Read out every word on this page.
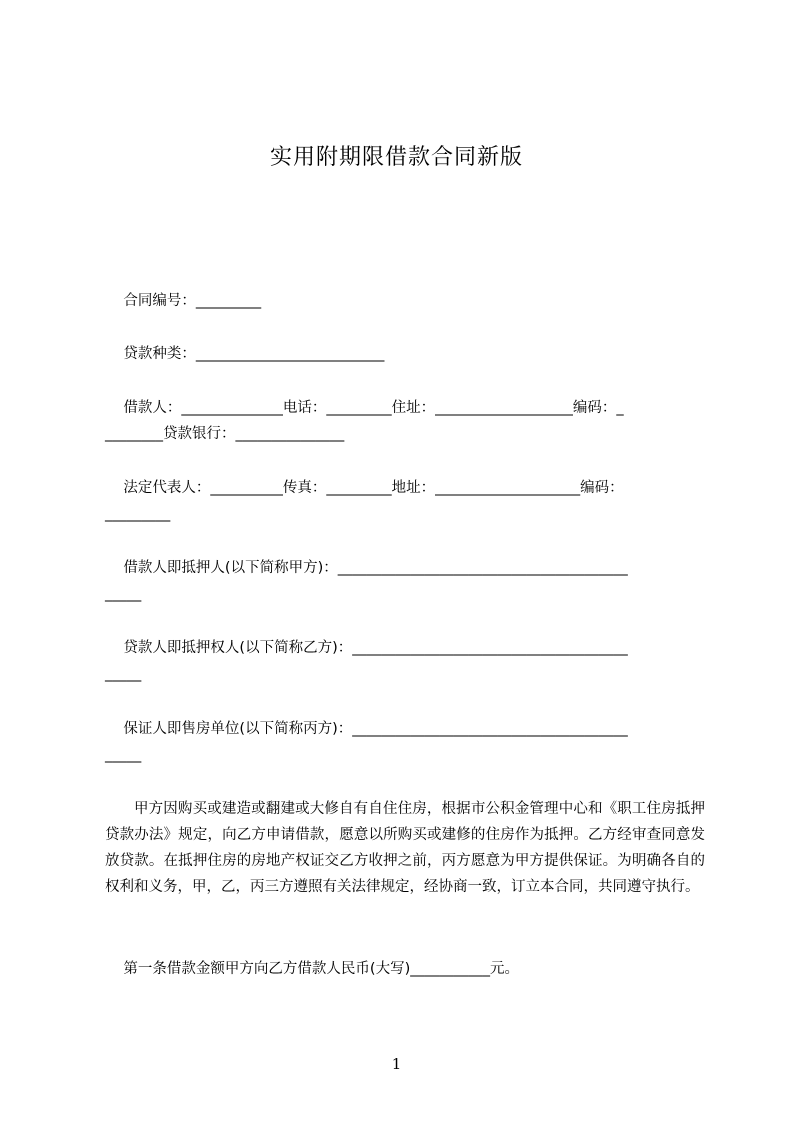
实用附期限借款合同新版
合同编号：_________
贷款种类：__________________________
借款人：______________电话：_________住址：___________________编码：_
________贷款银行：_______________
法定代表人：__________传真：_________地址：____________________编码：
_________
借款人即抵押人(以下简称甲方)：________________________________________
_____
贷款人即抵押权人(以下简称乙方)：______________________________________
_____
保证人即售房单位(以下简称丙方)：______________________________________
_____
甲方因购买或建造或翻建或大修自有自住住房，根据市公积金管理中心和《职工住房抵押贷款办法》规定，向乙方申请借款，愿意以所购买或建修的住房作为抵押。乙方经审查同意发放贷款。在抵押住房的房地产权证交乙方收押之前，丙方愿意为甲方提供保证。为明确各自的权利和义务，甲，乙，丙三方遵照有关法律规定，经协商一致，订立本合同，共同遵守执行。
第一条借款金额甲方向乙方借款人民币(大写)___________元。
1
